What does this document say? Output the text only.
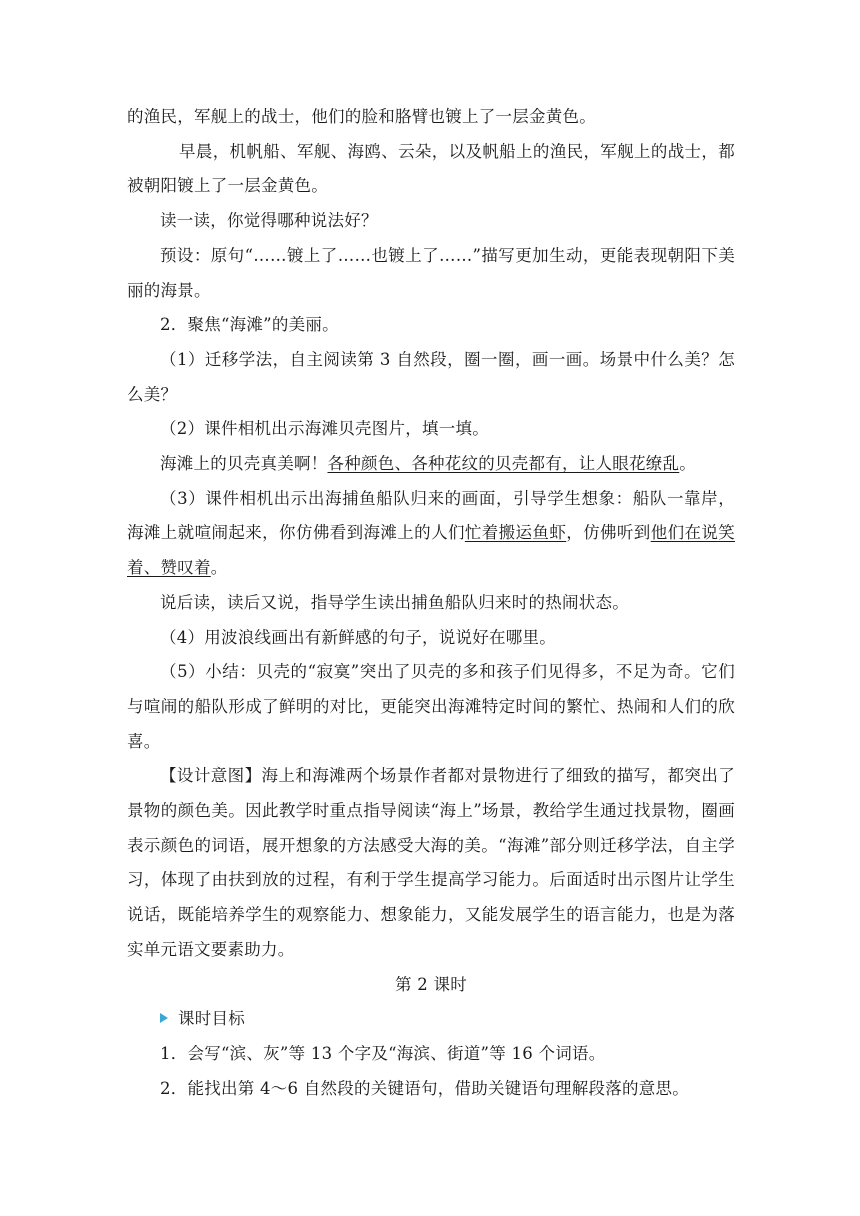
的渔民，军舰上的战士，他们的脸和胳臂也镀上了一层金黄色。

早晨，机帆船、军舰、海鸥、云朵，以及帆船上的渔民，军舰上的战士，都被朝阳镀上了一层金黄色。

读一读，你觉得哪种说法好？

预设：原句“……镀上了……也镀上了……”描写更加生动，更能表现朝阳下美丽的海景。

2．聚焦“海滩”的美丽。

（1）迁移学法，自主阅读第 3 自然段，圈一圈，画一画。场景中什么美？怎么美？

（2）课件相机出示海滩贝壳图片，填一填。

海滩上的贝壳真美啊！各种颜色、各种花纹的贝壳都有，让人眼花缭乱。

（3）课件相机出示出海捕鱼船队归来的画面，引导学生想象：船队一靠岸，海滩上就喧闹起来，你仿佛看到海滩上的人们忙着搬运鱼虾，仿佛听到他们在说笑着、赞叹着。

说后读，读后又说，指导学生读出捕鱼船队归来时的热闹状态。

（4）用波浪线画出有新鲜感的句子，说说好在哪里。

（5）小结：贝壳的“寂寞”突出了贝壳的多和孩子们见得多，不足为奇。它们与喧闹的船队形成了鲜明的对比，更能突出海滩特定时间的繁忙、热闹和人们的欣喜。

【设计意图】海上和海滩两个场景作者都对景物进行了细致的描写，都突出了景物的颜色美。因此教学时重点指导阅读“海上”场景，教给学生通过找景物，圈画表示颜色的词语，展开想象的方法感受大海的美。“海滩”部分则迁移学法，自主学习，体现了由扶到放的过程，有利于学生提高学习能力。后面适时出示图片让学生说话，既能培养学生的观察能力、想象能力，又能发展学生的语言能力，也是为落实单元语文要素助力。

第 2 课时

课时目标

1．会写“滨、灰”等 13 个字及“海滨、街道”等 16 个词语。

2．能找出第 4～6 自然段的关键语句，借助关键语句理解段落的意思。
